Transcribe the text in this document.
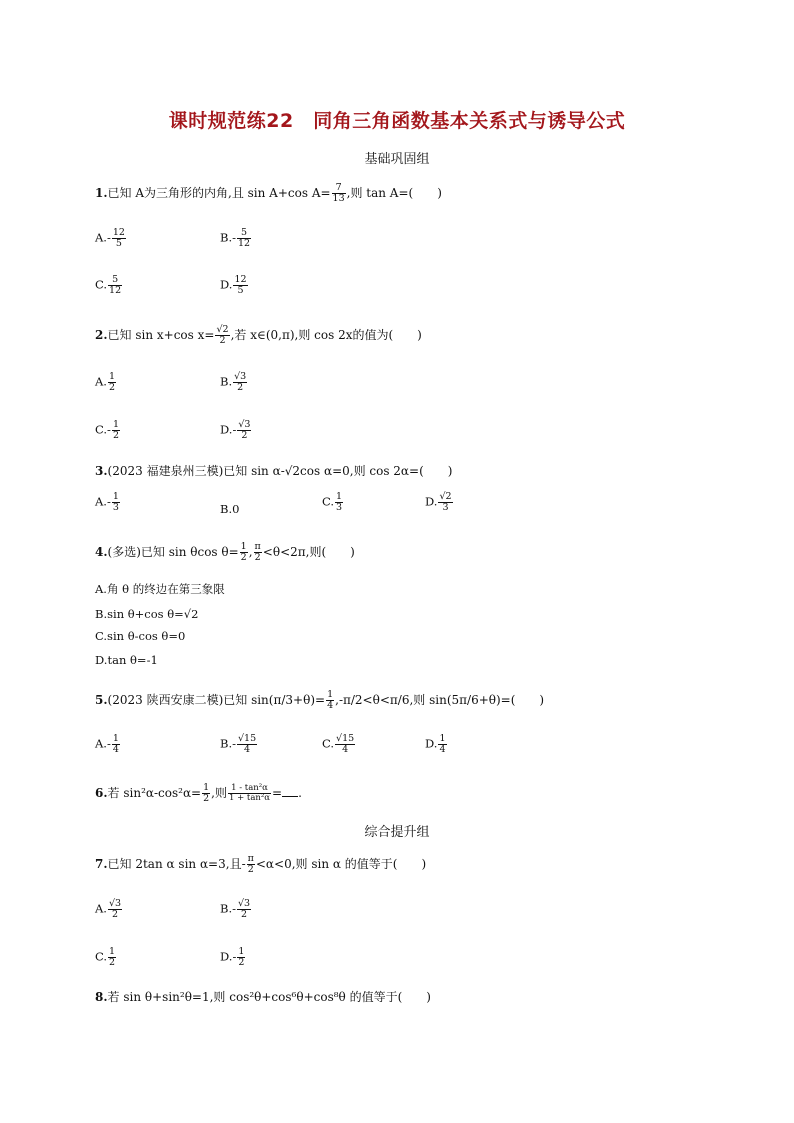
课时规范练22　同角三角函数基本关系式与诱导公式
基础巩固组
1.已知 A为三角形的内角,且 sin A+cos $A= \frac{7}{13}$ ,则 tan A=(　　)
$A.- \frac{12}{5}$	$B.- \frac{5}{12}$
C. $\frac{5}{12}$	D. $\frac{12}{5}$
2.已知 sin x+cos $x= \frac{√2}{2}$ ,若 x∈(0,π),则 cos 2x的值为(　　)
A. $\frac{1}{2}$	B. $\frac{√3}{2}$
$C.- \frac{1}{2}$	$D.- \frac{√3}{2}$
3.(2023 福建泉州三模)已知 sin α-√2cos α=0,则 cos 2α=(　　)
$A.- \frac{1}{3}$	B.0
C. $\frac{1}{3}$	D. $\frac{√2}{3}$
4.(多选)已知 sin θcos $\theta= \frac{1}{2}$ , $\frac{\pi}{2} <\theta<2\pi$,则(　　)
A.角 θ 的终边在第三象限
B.sin θ+cos θ=√2
C.sin θ-cos θ=0
D.tan θ=-1
5.(2023 陕西安康二模)已知 $\sin(\pi/3+\theta)= \frac{1}{4} ,-\pi/2<\theta<\pi/6$,则 sin(5π/6+θ)=(　　)
$A.- \frac{1}{4}$	$B.- \frac{√15}{4}$	C. $\frac{√15}{4}$	D. $\frac{1}{4}$
6.若 $\sin^2\alpha-\cos^2\alpha= \frac{1}{2}$ ,则 $\frac{\text{1 - tan²α}}{\text{1 + tan²α}}$ = .
综合提升组
7.已知 2tan α sin α=3,且- $\frac{\pi}{2} <\alpha<0$,则 sin α 的值等于(　　)
A. $\frac{√3}{2}$	$B.- \frac{√3}{2}$
C. $\frac{1}{2}$	$D.- \frac{1}{2}$
8.若 sin θ+sin²θ=1,则 cos²θ+cos⁶θ+cos⁸θ 的值等于(　　)
